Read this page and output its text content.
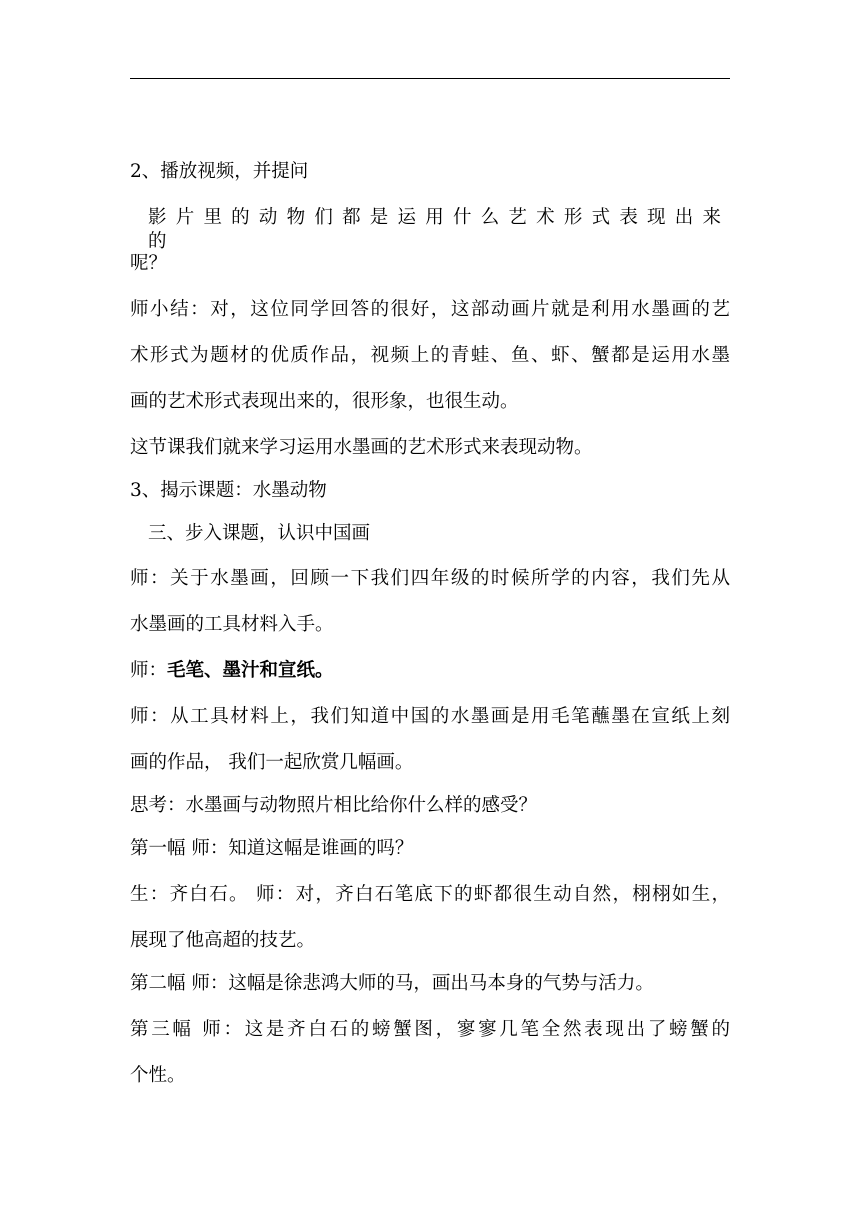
2、播放视频，并提问

影片里的动物们都是运用什么艺术形式表现出来的

呢？

师小结：对，这位同学回答的很好，这部动画片就是利用水墨画的艺

术形式为题材的优质作品，视频上的青蛙、鱼、虾、蟹都是运用水墨

画的艺术形式表现出来的，很形象，也很生动。

这节课我们就来学习运用水墨画的艺术形式来表现动物。

3、揭示课题：水墨动物

三、步入课题，认识中国画

师：关于水墨画，回顾一下我们四年级的时候所学的内容，我们先从

水墨画的工具材料入手。

师：毛笔、墨汁和宣纸。

师：从工具材料上，我们知道中国的水墨画是用毛笔蘸墨在宣纸上刻

画的作品， 我们一起欣赏几幅画。

思考：水墨画与动物照片相比给你什么样的感受？

第一幅 师：知道这幅是谁画的吗？

生：齐白石。 师：对，齐白石笔底下的虾都很生动自然，栩栩如生，

展现了他高超的技艺。

第二幅 师：这幅是徐悲鸿大师的马，画出马本身的气势与活力。

第三幅 师：这是齐白石的螃蟹图，寥寥几笔全然表现出了螃蟹的

个性。
